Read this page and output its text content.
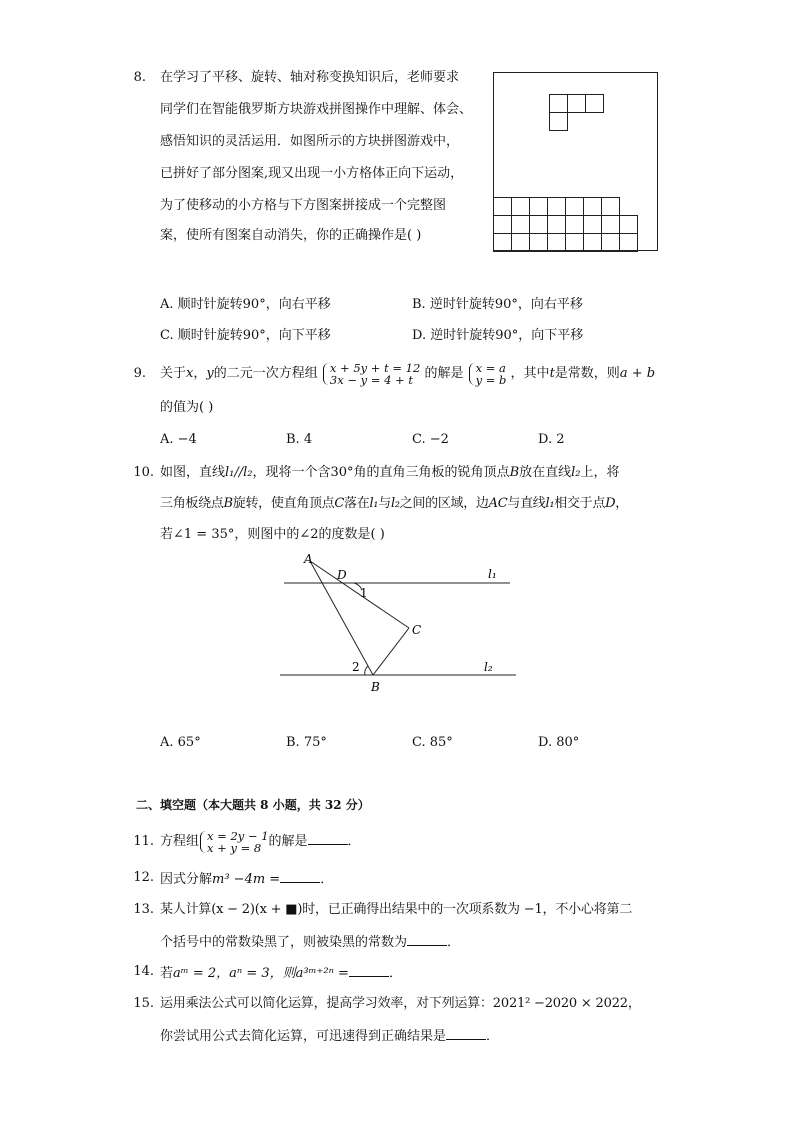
8. 在学习了平移、旋转、轴对称变换知识后，老师要求
同学们在智能俄罗斯方块游戏拼图操作中理解、体会、
感悟知识的灵活运用．如图所示的方块拼图游戏中，
已拼好了部分图案,现又出现一小方格体正向下运动，
为了使移动的小方格与下方图案拼接成一个完整图
案，使所有图案自动消失，你的正确操作是( )
A. 顺时针旋转90°，向右平移	B. 逆时针旋转90°，向右平移
C. 顺时针旋转90°，向下平移	D. 逆时针旋转90°，向下平移
9. 关于x，y的二元一次方程组 x + 5y + t = 12
3x − y = 4 + t 的解是 x = a
y = b ，其中t是常数，则a + b
的值为( )
A. −4	B. 4	C. −2	D. 2
10. 如图，直线l₁//l₂，现将一个含30°角的直角三角板的锐角顶点B放在直线l₂上，将
三角板绕点B旋转，使直角顶点C落在l₁与l₂之间的区域，边AC与直线l₁相交于点D，
若∠1 = 35°，则图中的∠2的度数是( )
A
D	l₁
1
C
2	l₂
B
A. 65°	B. 75°	C. 85°	D. 80°
二、填空题（本大题共 8 小题，共 32 分）
11. 方程组 x = 2y − 1
x + y = 8 的解是	．
12. 因式分解m³ −4m =	．
13. 某人计算(x − 2)(x + ■)时，已正确得出结果中的一次项系数为 −1，不小心将第二
个括号中的常数染黑了，则被染黑的常数为	．
14. 若aᵐ = 2，aⁿ = 3，则a³ᵐ⁺²ⁿ =	．
15. 运用乘法公式可以简化运算，提高学习效率，对下列运算：2021² −2020 × 2022，
你尝试用公式去简化运算，可迅速得到正确结果是	．
